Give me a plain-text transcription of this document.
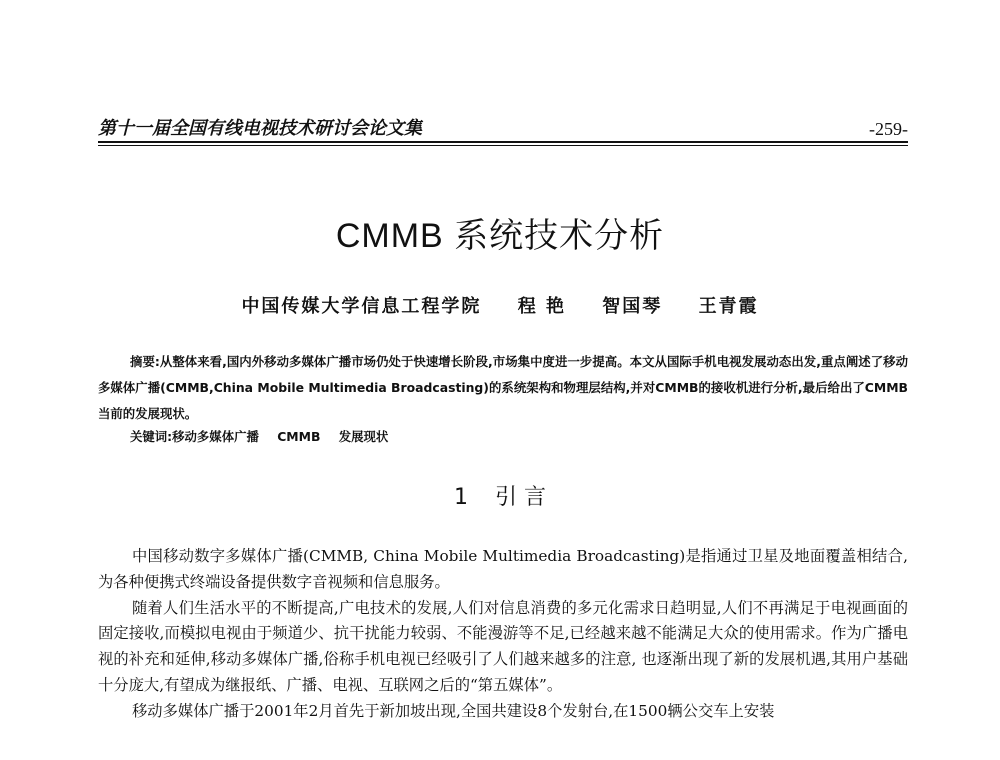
第十一届全国有线电视技术研讨会论文集	-259-
CMMB 系统技术分析
中国传媒大学信息工程学院 程 艳 智国琴 王青霞

摘要:从整体来看,国内外移动多媒体广播市场仍处于快速增长阶段,市场集中度进一步提高。本文从国际手机电视发展动态出发,重点阐述了移动多媒体广播(CMMB,China Mobile Multimedia Broadcasting)的系统架构和物理层结构,并对CMMB的接收机进行分析,最后给出了CMMB当前的发展现状。

关键词:移动多媒体广播 CMMB 发展现状
1 引 言

中国移动数字多媒体广播(CMMB, China Mobile Multimedia Broadcasting)是指通过卫星及地面覆盖相结合,为各种便携式终端设备提供数字音视频和信息服务。

随着人们生活水平的不断提高,广电技术的发展,人们对信息消费的多元化需求日趋明显,人们不再满足于电视画面的固定接收,而模拟电视由于频道少、抗干扰能力较弱、不能漫游等不足,已经越来越不能满足大众的使用需求。作为广播电视的补充和延伸,移动多媒体广播,俗称手机电视已经吸引了人们越来越多的注意, 也逐渐出现了新的发展机遇,其用户基础十分庞大,有望成为继报纸、广播、电视、互联网之后的“第五媒体”。

移动多媒体广播于2001年2月首先于新加坡出现,全国共建设8个发射台,在1500辆公交车上安装
